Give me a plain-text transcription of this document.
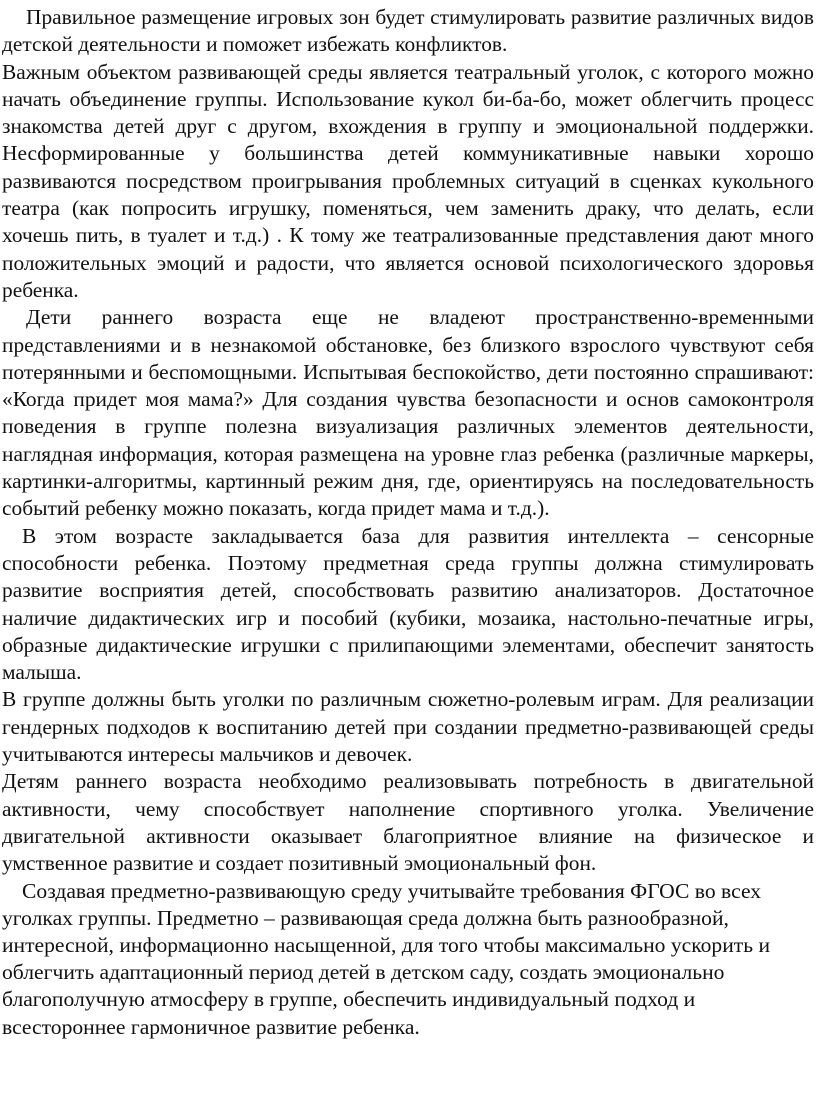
Правильное размещение игровых зон будет стимулировать развитие различных видов детской деятельности и поможет избежать конфликтов.

Важным объектом развивающей среды является театральный уголок, с которого можно начать объединение группы. Использование кукол би-ба-бо, может облегчить процесс знакомства детей друг с другом, вхождения в группу и эмоциональной поддержки. Несформированные у большинства детей коммуникативные навыки хорошо развиваются посредством проигрывания проблемных ситуаций в сценках кукольного театра (как попросить игрушку, поменяться, чем заменить драку, что делать, если хочешь пить, в туалет и т.д.) . К тому же театрализованные представления дают много положительных эмоций и радости, что является основой психологического здоровья ребенка.

Дети раннего возраста еще не владеют пространственно-временными представлениями и в незнакомой обстановке, без близкого взрослого чувствуют себя потерянными и беспомощными. Испытывая беспокойство, дети постоянно спрашивают: «Когда придет моя мама?» Для создания чувства безопасности и основ самоконтроля поведения в группе полезна визуализация различных элементов деятельности, наглядная информация, которая размещена на уровне глаз ребенка (различные маркеры, картинки-алгоритмы, картинный режим дня, где, ориентируясь на последовательность событий ребенку можно показать, когда придет мама и т.д.).

В этом возрасте закладывается база для развития интеллекта – сенсорные способности ребенка. Поэтому предметная среда группы должна стимулировать развитие восприятия детей, способствовать развитию анализаторов. Достаточное наличие дидактических игр и пособий (кубики, мозаика, настольно-печатные игры, образные дидактические игрушки с прилипающими элементами, обеспечит занятость малыша.

В группе должны быть уголки по различным сюжетно-ролевым играм. Для реализации гендерных подходов к воспитанию детей при создании предметно-развивающей среды учитываются интересы мальчиков и девочек.

Детям раннего возраста необходимо реализовывать потребность в двигательной активности, чему способствует наполнение спортивного уголка. Увеличение двигательной активности оказывает благоприятное влияние на физическое и умственное развитие и создает позитивный эмоциональный фон.

Создавая предметно-развивающую среду учитывайте требования ФГОС во всех уголках группы. Предметно – развивающая среда должна быть разнообразной, интересной, информационно насыщенной, для того чтобы максимально ускорить и облегчить адаптационный период детей в детском саду, создать эмоционально благополучную атмосферу в группе, обеспечить индивидуальный подход и всестороннее гармоничное развитие ребенка.
